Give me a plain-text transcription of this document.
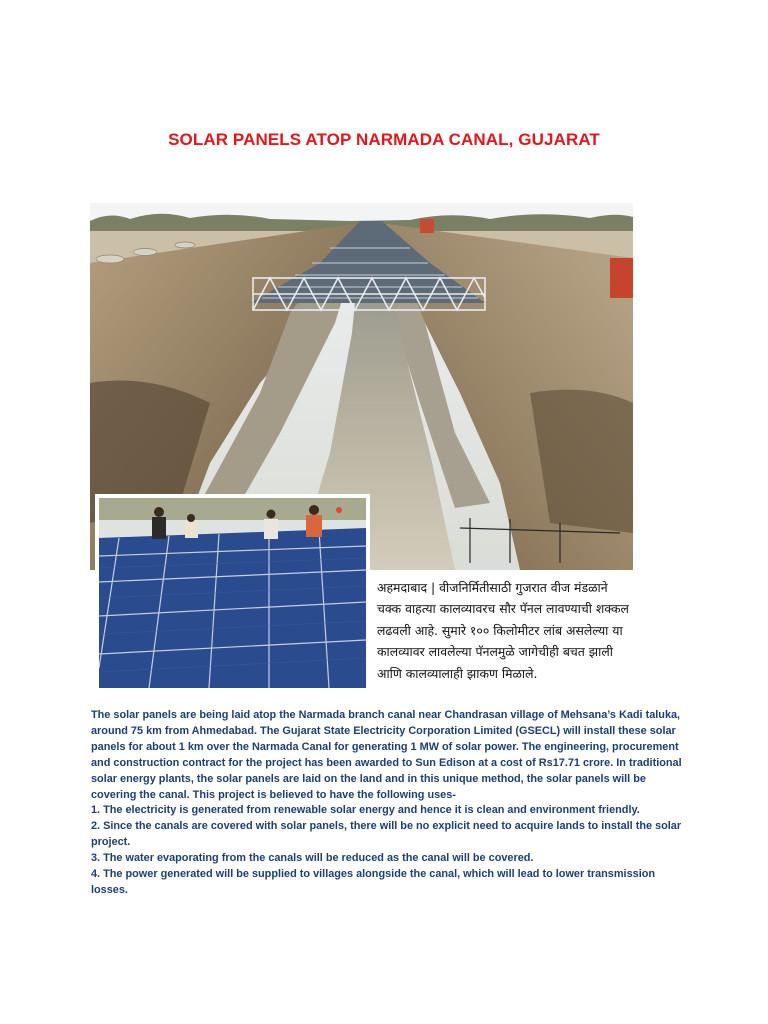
SOLAR PANELS ATOP NARMADA CANAL, GUJARAT
अहमदाबाद | वीजनिर्मितीसाठी गुजरात वीज मंडळाने
चक्क वाहत्या कालव्यावरच सौर पॅनल लावण्याची शक्कल
लढवली आहे. सुमारे १०० किलोमीटर लांब असलेल्या या
कालव्यावर लावलेल्या पॅनलमुळे जागेचीही बचत झाली
आणि कालव्यालाही झाकण मिळाले.

The solar panels are being laid atop the Narmada branch canal near Chandrasan village of Mehsana’s Kadi taluka, around 75 km from Ahmedabad. The Gujarat State Electricity Corporation Limited (GSECL) will install these solar panels for about 1 km over the Narmada Canal for generating 1 MW of solar power. The engineering, procurement and construction contract for the project has been awarded to Sun Edison at a cost of Rs17.71 crore. In traditional solar energy plants, the solar panels are laid on the land and in this unique method, the solar panels will be covering the canal. This project is believed to have the following uses-

1. The electricity is generated from renewable solar energy and hence it is clean and environment friendly.

2. Since the canals are covered with solar panels, there will be no explicit need to acquire lands to install the solar project.

3. The water evaporating from the canals will be reduced as the canal will be covered.

4. The power generated will be supplied to villages alongside the canal, which will lead to lower transmission losses.
